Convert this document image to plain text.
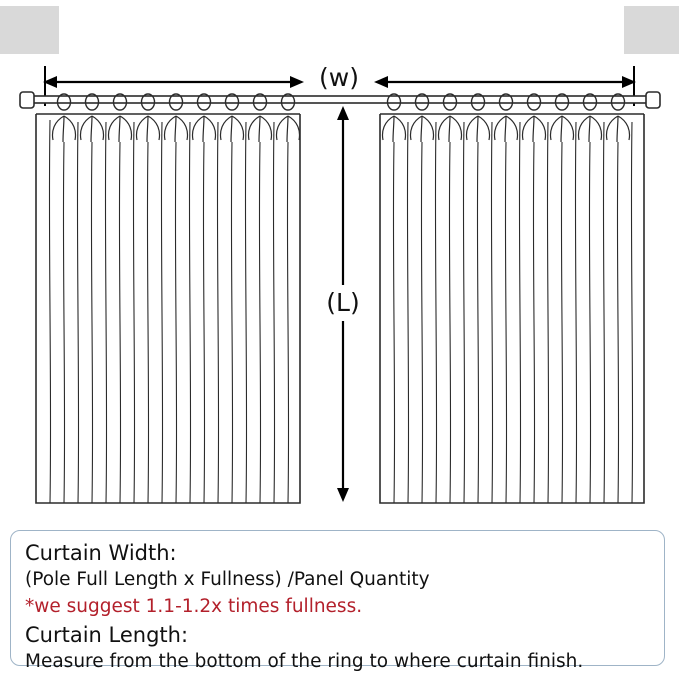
(w)
(L)
Curtain Width:
(Pole Full Length x Fullness) /Panel Quantity
*we suggest 1.1-1.2x times fullness.
Curtain Length:
Measure from the bottom of the ring to where curtain finish.
